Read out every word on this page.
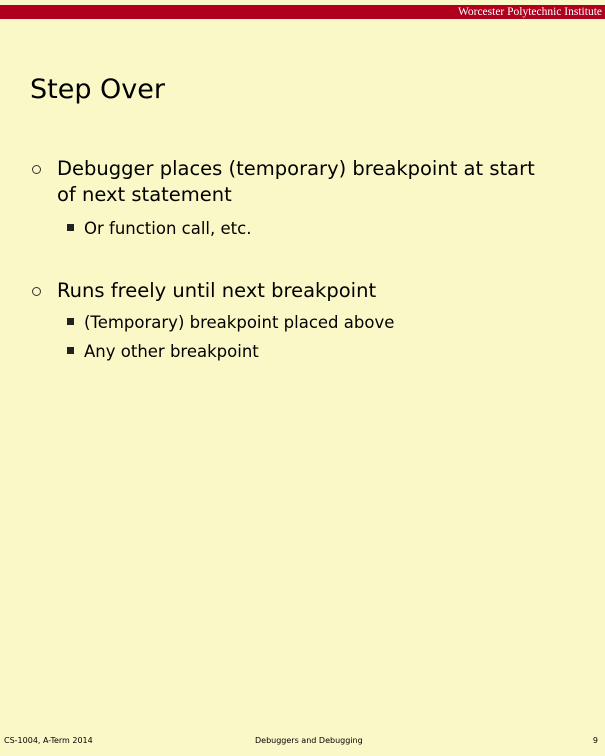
Worcester Polytechnic Institute
Step Over
Debugger places (temporary) breakpoint at start
of next statement
Or function call, etc.
Runs freely until next breakpoint
(Temporary) breakpoint placed above
Any other breakpoint
CS-1004, A-Term 2014	Debuggers and Debugging	9
